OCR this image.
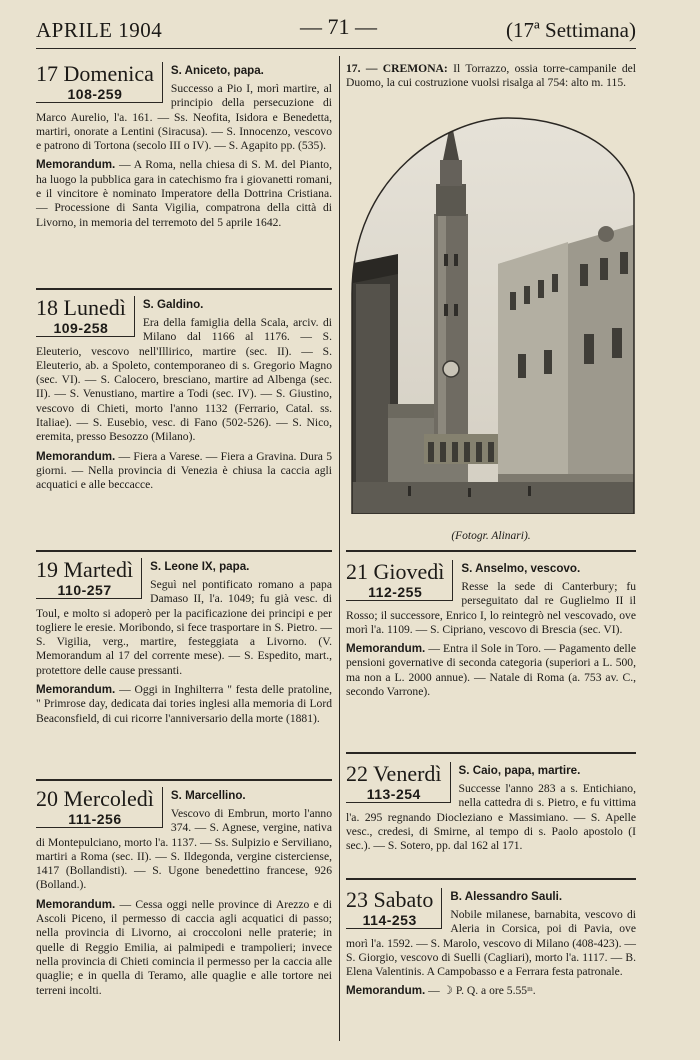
APRILE 1904	— 71 —	(17ª Settimana)
17 Domenica
108-259
S. Aniceto, papa.

Successo a Pio I, morì martire, al principio della persecuzione di Marco Aurelio, l'a. 161. — Ss. Neofita, Isidora e Benedetta, martiri, onorate a Lentini (Siracusa). — S. Innocenzo, vescovo e patrono di Tortona (secolo III o IV). — S. Agapito pp. (535).

Memorandum. — A Roma, nella chiesa di S. M. del Pianto, ha luogo la pubblica gara in catechismo fra i giovanetti romani, e il vincitore è nominato Imperatore della Dottrina Cristiana. — Processione di Santa Vigilia, compatrona della città di Livorno, in memoria del terremoto del 5 aprile 1642.

18 Lunedì
109-258
S. Galdino.

Era della famiglia della Scala, arciv. di Milano dal 1166 al 1176. — S. Eleuterio, vescovo nell'Illirico, martire (sec. II). — S. Eleuterio, ab. a Spoleto, contemporaneo di s. Gregorio Magno (sec. VI). — S. Calocero, bresciano, martire ad Albenga (sec. II). — S. Venustiano, martire a Todi (sec. IV). — S. Giustino, vescovo di Chieti, morto l'anno 1132 (Ferrario, Catal. ss. Italiae). — S. Eusebio, vesc. di Fano (502-526). — S. Nico, eremita, presso Besozzo (Milano).

Memorandum. — Fiera a Varese. — Fiera a Gravina. Dura 5 giorni. — Nella provincia di Venezia è chiusa la caccia agli acquatici e alle beccacce.

19 Martedì
110-257
S. Leone IX, papa.

Seguì nel pontificato romano a papa Damaso II, l'a. 1049; fu già vesc. di Toul, e molto si adoperò per la pacificazione dei principi e per togliere le eresie. Moribondo, si fece trasportare in S. Pietro. — S. Vigilia, verg., martire, festeggiata a Livorno. (V. Memorandum al 17 del corrente mese). — S. Espedito, mart., protettore delle cause pressanti.

Memorandum. — Oggi in Inghilterra " festa delle pratoline, " Primrose day, dedicata dai tories inglesi alla memoria di Lord Beaconsfield, di cui ricorre l'anniversario della morte (1881).

20 Mercoledì
111-256
S. Marcellino.

Vescovo di Embrun, morto l'anno 374. — S. Agnese, vergine, nativa di Montepulciano, morto l'a. 1137. — Ss. Sulpizio e Serviliano, martiri a Roma (sec. II). — S. Ildegonda, vergine cisterciense, 1417 (Bollandisti). — S. Ugone benedettino francese, 926 (Bolland.).

Memorandum. — Cessa oggi nelle province di Arezzo e di Ascoli Piceno, il permesso di caccia agli acquatici di passo; nella provincia di Livorno, ai croccoloni nelle praterie; in quelle di Reggio Emilia, ai palmipedi e trampolieri; invece nella provincia di Chieti comincia il permesso per la caccia alle quaglie; e in quella di Teramo, alle quaglie e alle tortore nei terreni incolti.

17. — CREMONA: Il Torrazzo, ossia torre-campanile del Duomo, la cui costruzione vuolsi risalga al 754: alto m. 115.

(Fotogr. Alinari).
21 Giovedì
112-255
S. Anselmo, vescovo.

Resse la sede di Canterbury; fu perseguitato dal re Guglielmo II il Rosso; il successore, Enrico I, lo reintegrò nel vescovado, ove morì l'a. 1109. — S. Cipriano, vescovo di Brescia (sec. VI).

Memorandum. — Entra il Sole in Toro. — Pagamento delle pensioni governative di seconda categoria (superiori a L. 500, ma non a L. 2000 annue). — Natale di Roma (a. 753 av. C., secondo Varrone).

22 Venerdì
113-254
S. Caio, papa, martire.

Successe l'anno 283 a s. Entichiano, nella cattedra di s. Pietro, e fu vittima l'a. 295 regnando Diocleziano e Massimiano. — S. Apelle vesc., credesi, di Smirne, al tempo di s. Paolo apostolo (I sec.). — S. Sotero, pp. dal 162 al 171.

23 Sabato
114-253
B. Alessandro Sauli.

Nobile milanese, barnabita, vescovo di Aleria in Corsica, poi di Pavia, ove morì l'a. 1592. — S. Marolo, vescovo di Milano (408-423). — S. Giorgio, vescovo di Suelli (Cagliari), morto l'a. 1117. — B. Elena Valentinis. A Campobasso e a Ferrara festa patronale.

Memorandum. — ☽ P. Q. a ore 5.55ᵐ.
